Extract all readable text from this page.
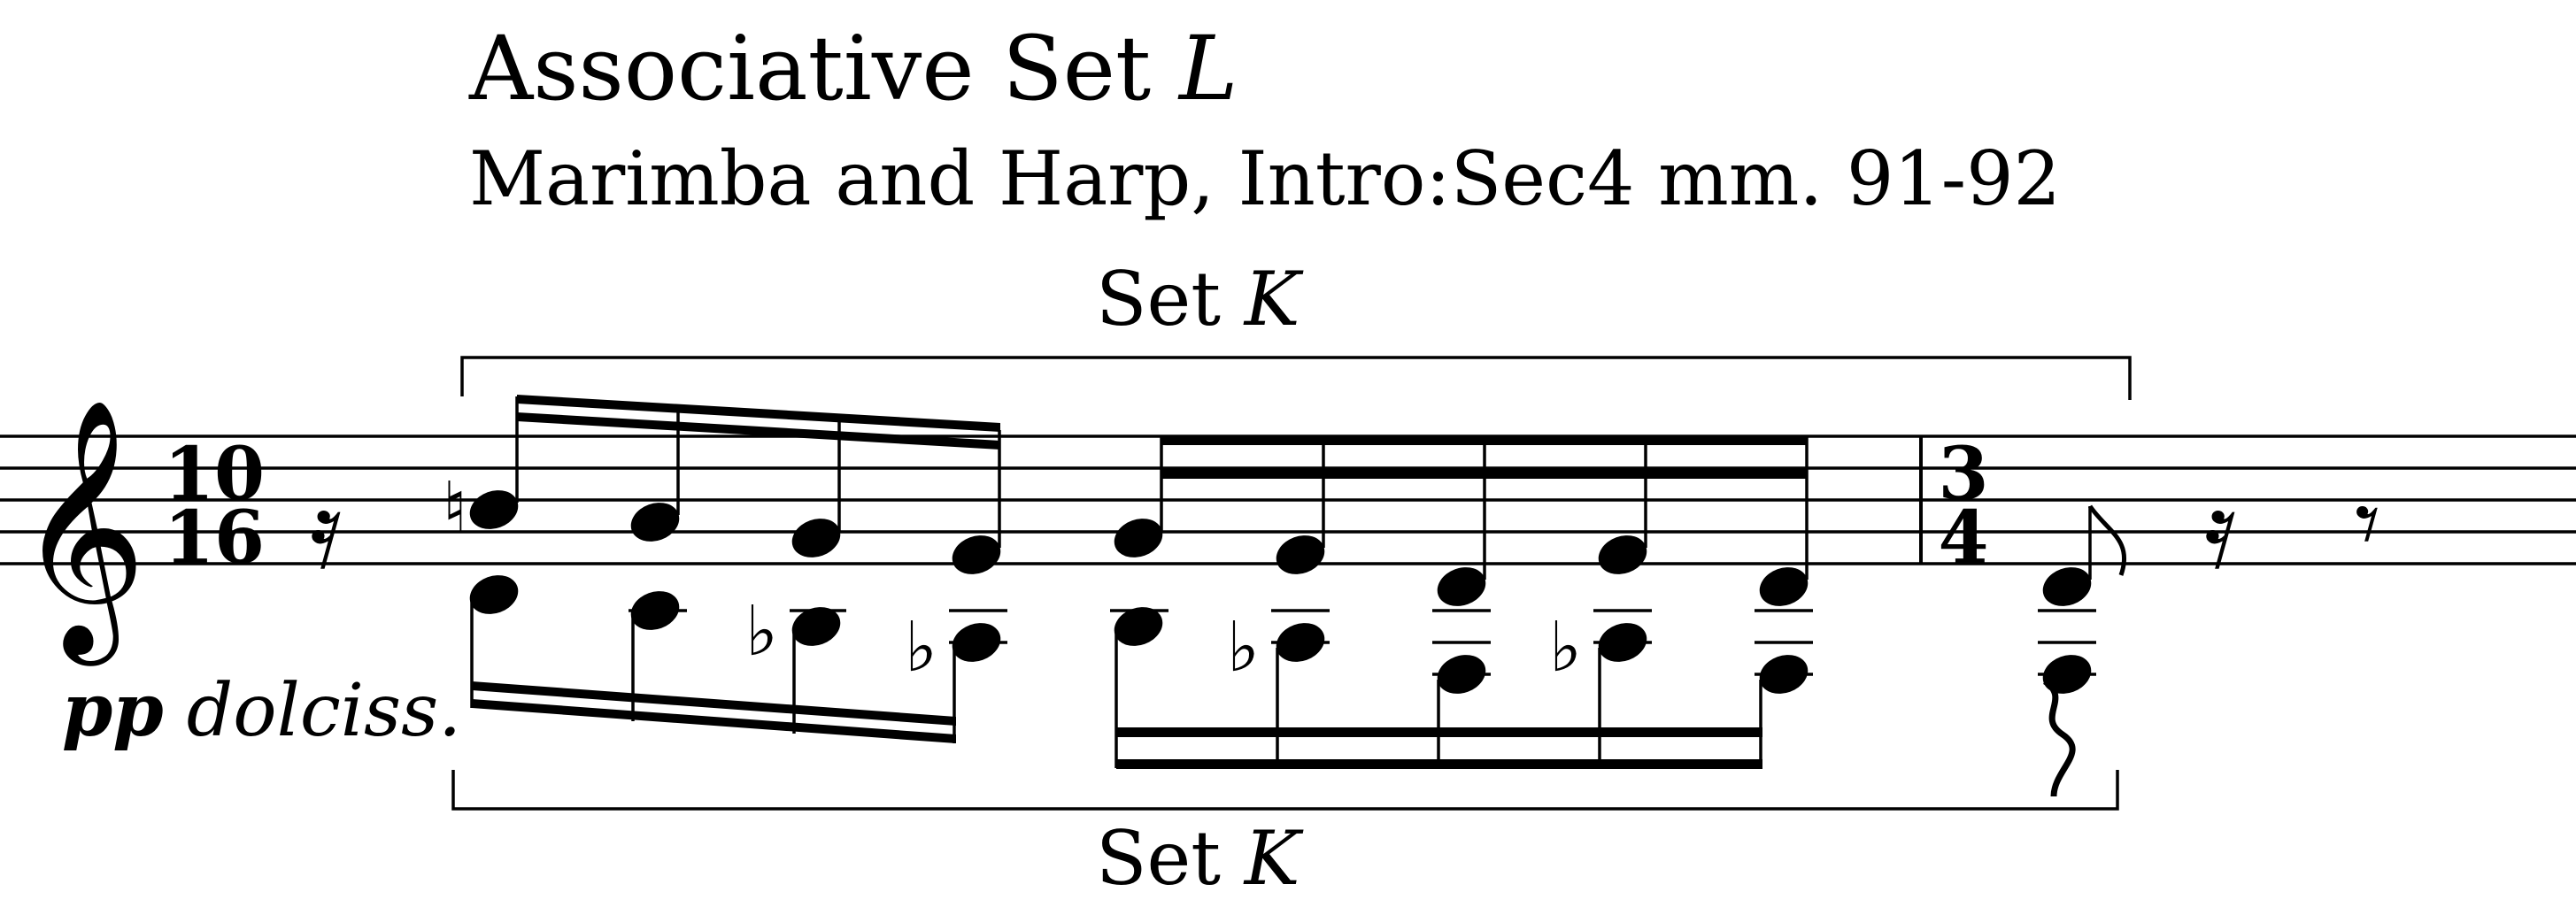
Associative Set L
Marimba and Harp, Intro:Sec4 mm. 91-92
Set K
Set K
pp dolciss.
𝄞 10
16 𝄿 ♮
♭ ♭	♭	♭
3
4 𝄿 𝄾
